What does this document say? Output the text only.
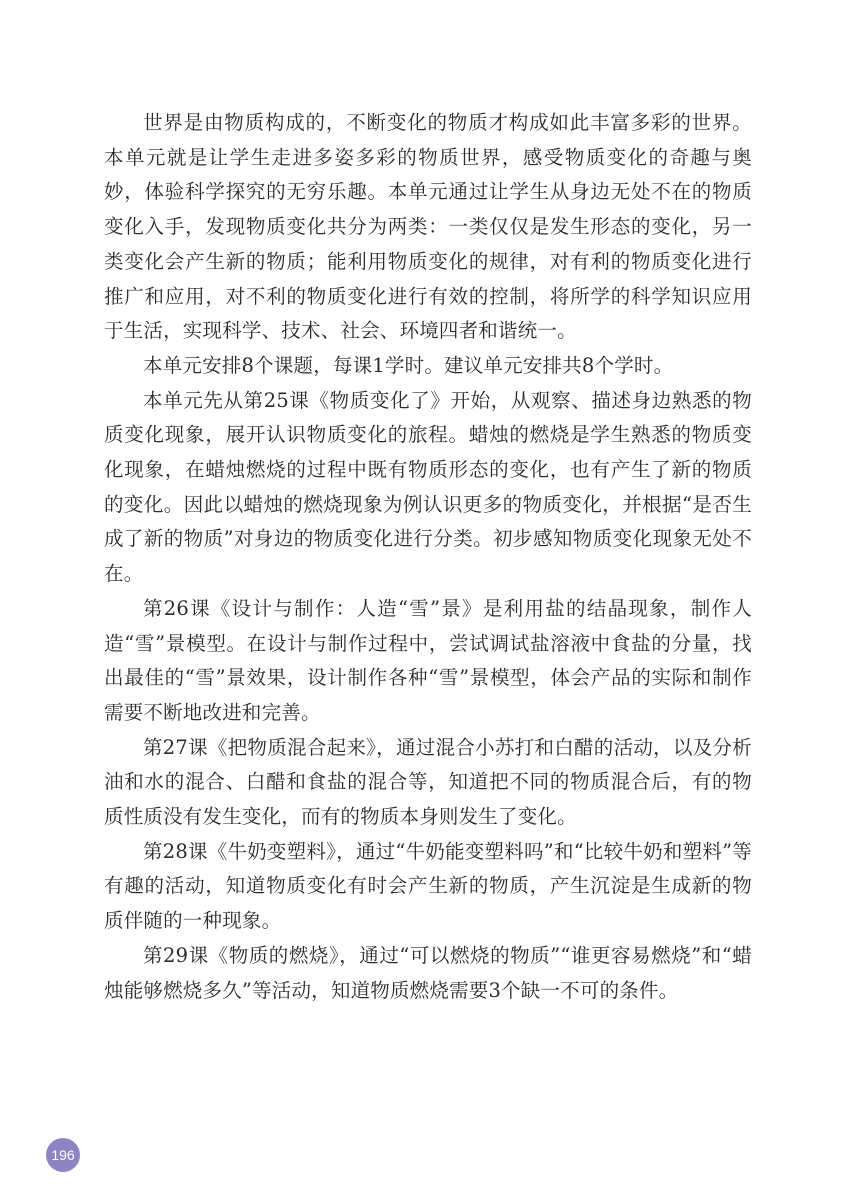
世界是由物质构成的，不断变化的物质才构成如此丰富多彩的世界。本单元就是让学生走进多姿多彩的物质世界，感受物质变化的奇趣与奥妙，体验科学探究的无穷乐趣。本单元通过让学生从身边无处不在的物质变化入手，发现物质变化共分为两类：一类仅仅是发生形态的变化，另一类变化会产生新的物质；能利用物质变化的规律，对有利的物质变化进行推广和应用，对不利的物质变化进行有效的控制，将所学的科学知识应用于生活，实现科学、技术、社会、环境四者和谐统一。

本单元安排8个课题，每课1学时。建议单元安排共8个学时。

本单元先从第25课《物质变化了》开始，从观察、描述身边熟悉的物质变化现象，展开认识物质变化的旅程。蜡烛的燃烧是学生熟悉的物质变化现象，在蜡烛燃烧的过程中既有物质形态的变化，也有产生了新的物质的变化。因此以蜡烛的燃烧现象为例认识更多的物质变化，并根据“是否生成了新的物质”对身边的物质变化进行分类。初步感知物质变化现象无处不在。

第26课《设计与制作：人造“雪”景》是利用盐的结晶现象，制作人造“雪”景模型。在设计与制作过程中，尝试调试盐溶液中食盐的分量，找出最佳的“雪”景效果，设计制作各种“雪”景模型，体会产品的实际和制作需要不断地改进和完善。

第27课《把物质混合起来》，通过混合小苏打和白醋的活动，以及分析油和水的混合、白醋和食盐的混合等，知道把不同的物质混合后，有的物质性质没有发生变化，而有的物质本身则发生了变化。

第28课《牛奶变塑料》，通过“牛奶能变塑料吗”和“比较牛奶和塑料”等有趣的活动，知道物质变化有时会产生新的物质，产生沉淀是生成新的物质伴随的一种现象。

第29课《物质的燃烧》，通过“可以燃烧的物质”“谁更容易燃烧”和“蜡烛能够燃烧多久”等活动，知道物质燃烧需要3个缺一不可的条件。

196
